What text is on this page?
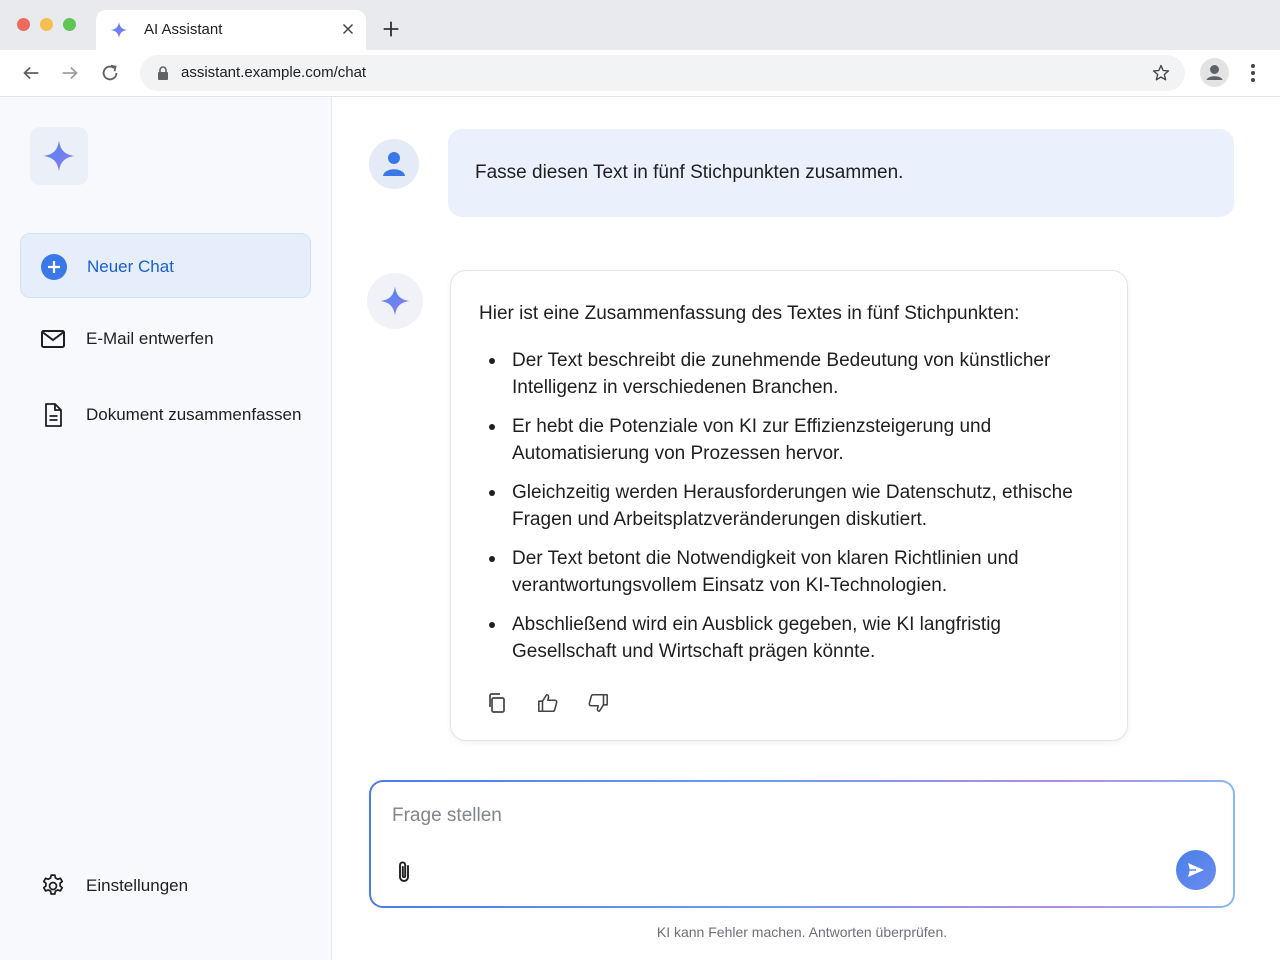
AI Assistant
assistant.example.com/chat
Neuer Chat
E-Mail entwerfen
Dokument zusammenfassen
Einstellungen
Fasse diesen Text in fünf Stichpunkten zusammen.

Hier ist eine Zusammenfassung des Textes in fünf Stichpunkten:

Der Text beschreibt die zunehmende Bedeutung von künstlicher Intelligenz in verschiedenen Branchen.
Er hebt die Potenziale von KI zur Effizienzsteigerung und Automatisierung von Prozessen hervor.
Gleichzeitig werden Herausforderungen wie Datenschutz, ethische Fragen und Arbeitsplatzveränderungen diskutiert.
Der Text betont die Notwendigkeit von klaren Richtlinien und verantwortungsvollem Einsatz von KI-Technologien.
Abschließend wird ein Ausblick gegeben, wie KI langfristig Gesellschaft und Wirtschaft prägen könnte.
Frage stellen

KI kann Fehler machen. Antworten überprüfen.
